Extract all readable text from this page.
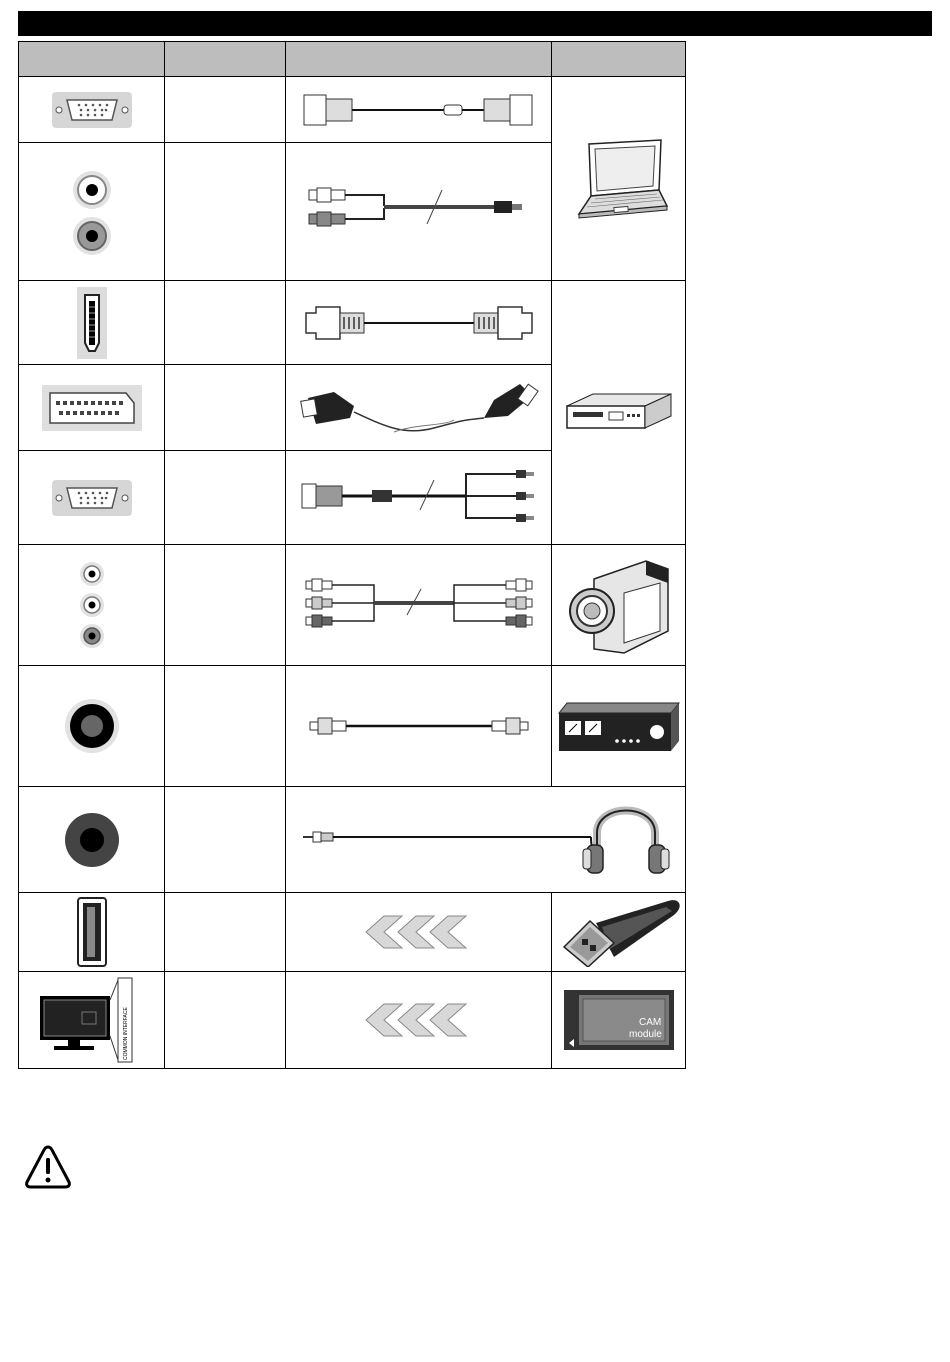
COMMON INTERFACE			CAM
module
